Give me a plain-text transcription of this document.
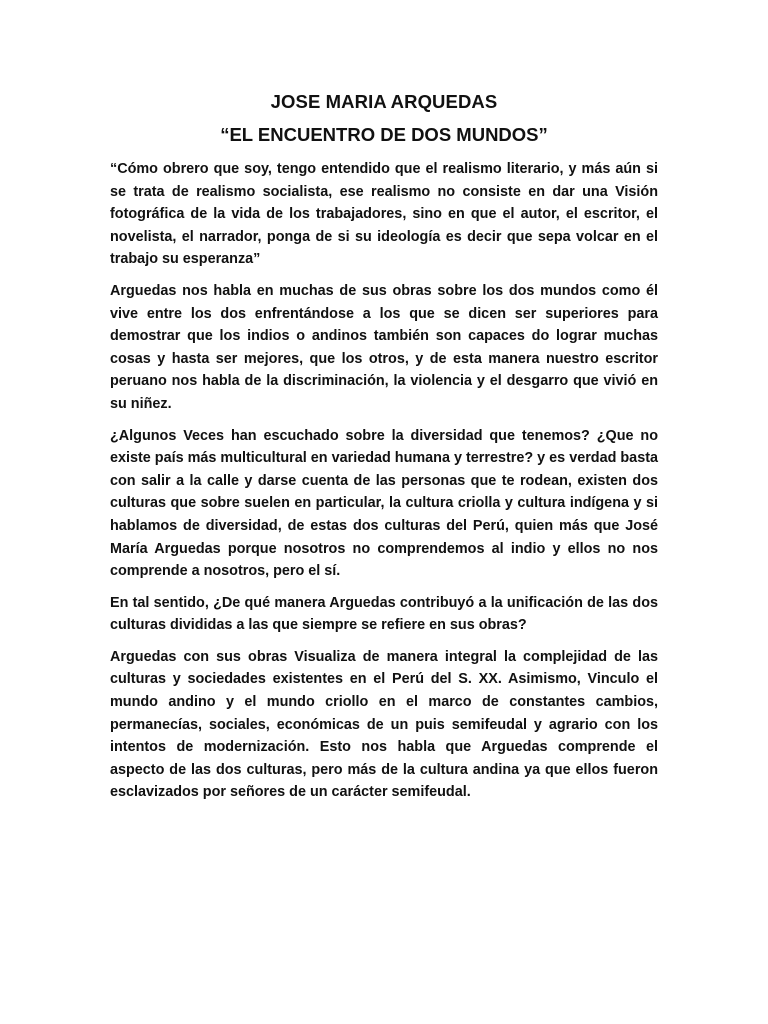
JOSE MARIA ARQUEDAS
“EL ENCUENTRO DE DOS MUNDOS”

“Cómo obrero que soy, tengo entendido que el realismo literario, y más aún si se trata de realismo socialista, ese realismo no consiste en dar una Visión fotográfica de la vida de los trabajadores, sino en que el autor, el escritor, el novelista, el narrador, ponga de si su ideología es decir que sepa volcar en el trabajo su esperanza”

Arguedas nos habla en muchas de sus obras sobre los dos mundos como él vive entre los dos enfrentándose a los que se dicen ser superiores para demostrar que los indios o andinos también son capaces do lograr muchas cosas y hasta ser mejores, que los otros, y de esta manera nuestro escritor peruano nos habla de la discriminación, la violencia y el desgarro que vivió en su niñez.

¿Algunos Veces han escuchado sobre la diversidad que tenemos? ¿Que no existe país más multicultural en variedad humana y terrestre? y es verdad basta con salir a la calle y darse cuenta de las personas que te rodean, existen dos culturas que sobre suelen en particular, la cultura criolla y cultura indígena y si hablamos de diversidad, de estas dos culturas del Perú, quien más que José María Arguedas porque nosotros no comprendemos al indio y ellos no nos comprende a nosotros, pero el sí.

En tal sentido, ¿De qué manera Arguedas contribuyó a la unificación de las dos culturas divididas a las que siempre se refiere en sus obras?

Arguedas con sus obras Visualiza de manera integral la complejidad de las culturas y sociedades existentes en el Perú del S. XX. Asimismo, Vinculo el mundo andino y el mundo criollo en el marco de constantes cambios, permanecías, sociales, económicas de un puis semifeudal y agrario con los intentos de modernización. Esto nos habla que Arguedas comprende el aspecto de las dos culturas, pero más de la cultura andina ya que ellos fueron esclavizados por señores de un carácter semifeudal.
